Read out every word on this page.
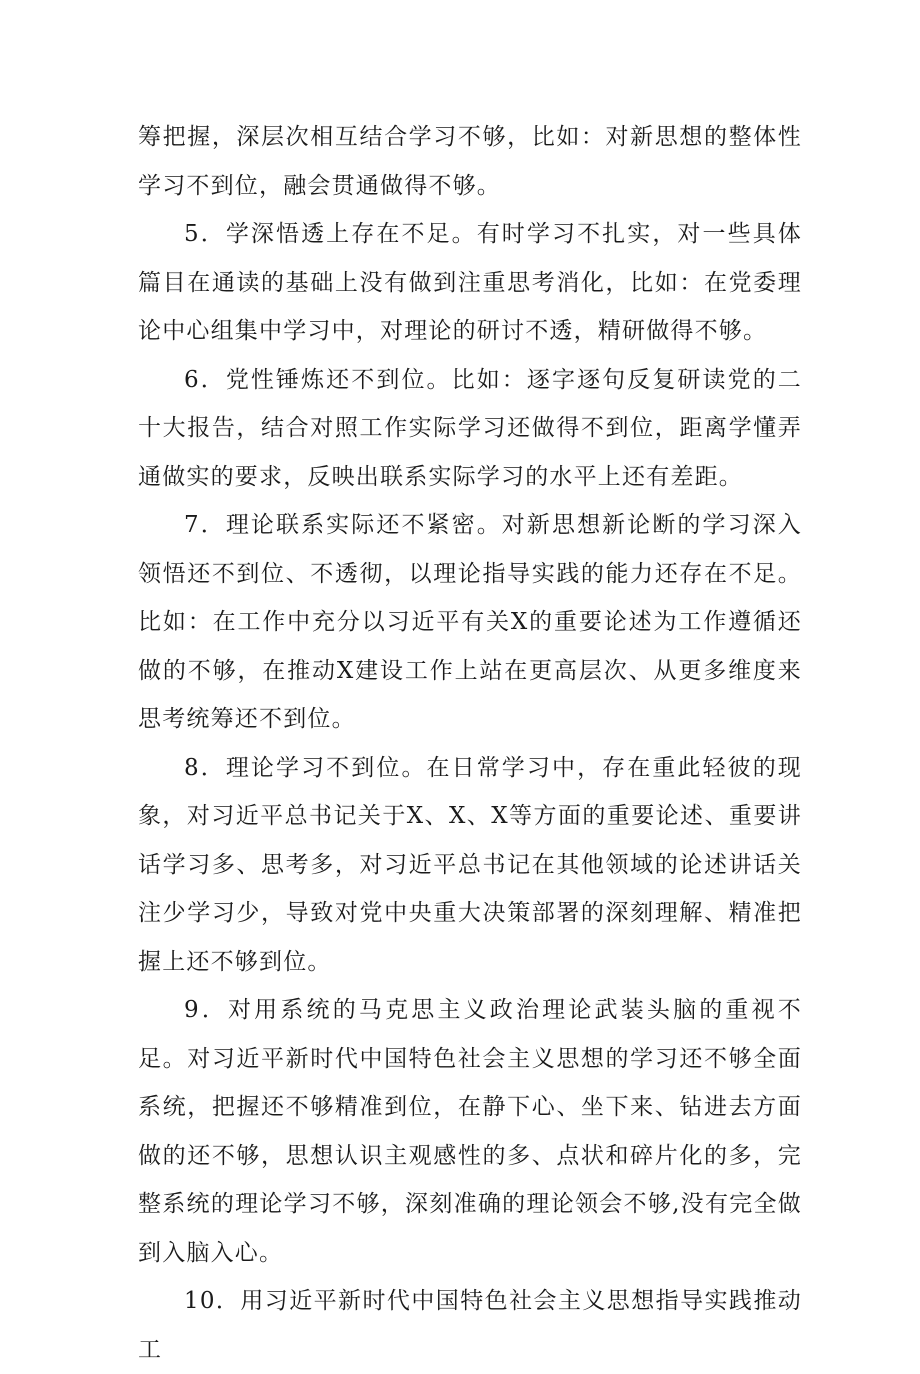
筹把握，深层次相互结合学习不够，比如：对新思想的整体性学习不到位，融会贯通做得不够。

5．学深悟透上存在不足。有时学习不扎实，对一些具体篇目在通读的基础上没有做到注重思考消化，比如：在党委理论中心组集中学习中，对理论的研讨不透，精研做得不够。

6．党性锤炼还不到位。比如：逐字逐句反复研读党的二十大报告，结合对照工作实际学习还做得不到位，距离学懂弄通做实的要求，反映出联系实际学习的水平上还有差距。

7．理论联系实际还不紧密。对新思想新论断的学习深入领悟还不到位、不透彻，以理论指导实践的能力还存在不足。比如：在工作中充分以习近平有关X的重要论述为工作遵循还做的不够，在推动X建设工作上站在更高层次、从更多维度来思考统筹还不到位。

8．理论学习不到位。在日常学习中，存在重此轻彼的现象，对习近平总书记关于X、X、X等方面的重要论述、重要讲话学习多、思考多，对习近平总书记在其他领域的论述讲话关注少学习少，导致对党中央重大决策部署的深刻理解、精准把握上还不够到位。

9．对用系统的马克思主义政治理论武装头脑的重视不足。对习近平新时代中国特色社会主义思想的学习还不够全面系统，把握还不够精准到位，在静下心、坐下来、钻进去方面做的还不够，思想认识主观感性的多、点状和碎片化的多，完整系统的理论学习不够，深刻准确的理论领会不够,没有完全做到入脑入心。

10．用习近平新时代中国特色社会主义思想指导实践推动工
